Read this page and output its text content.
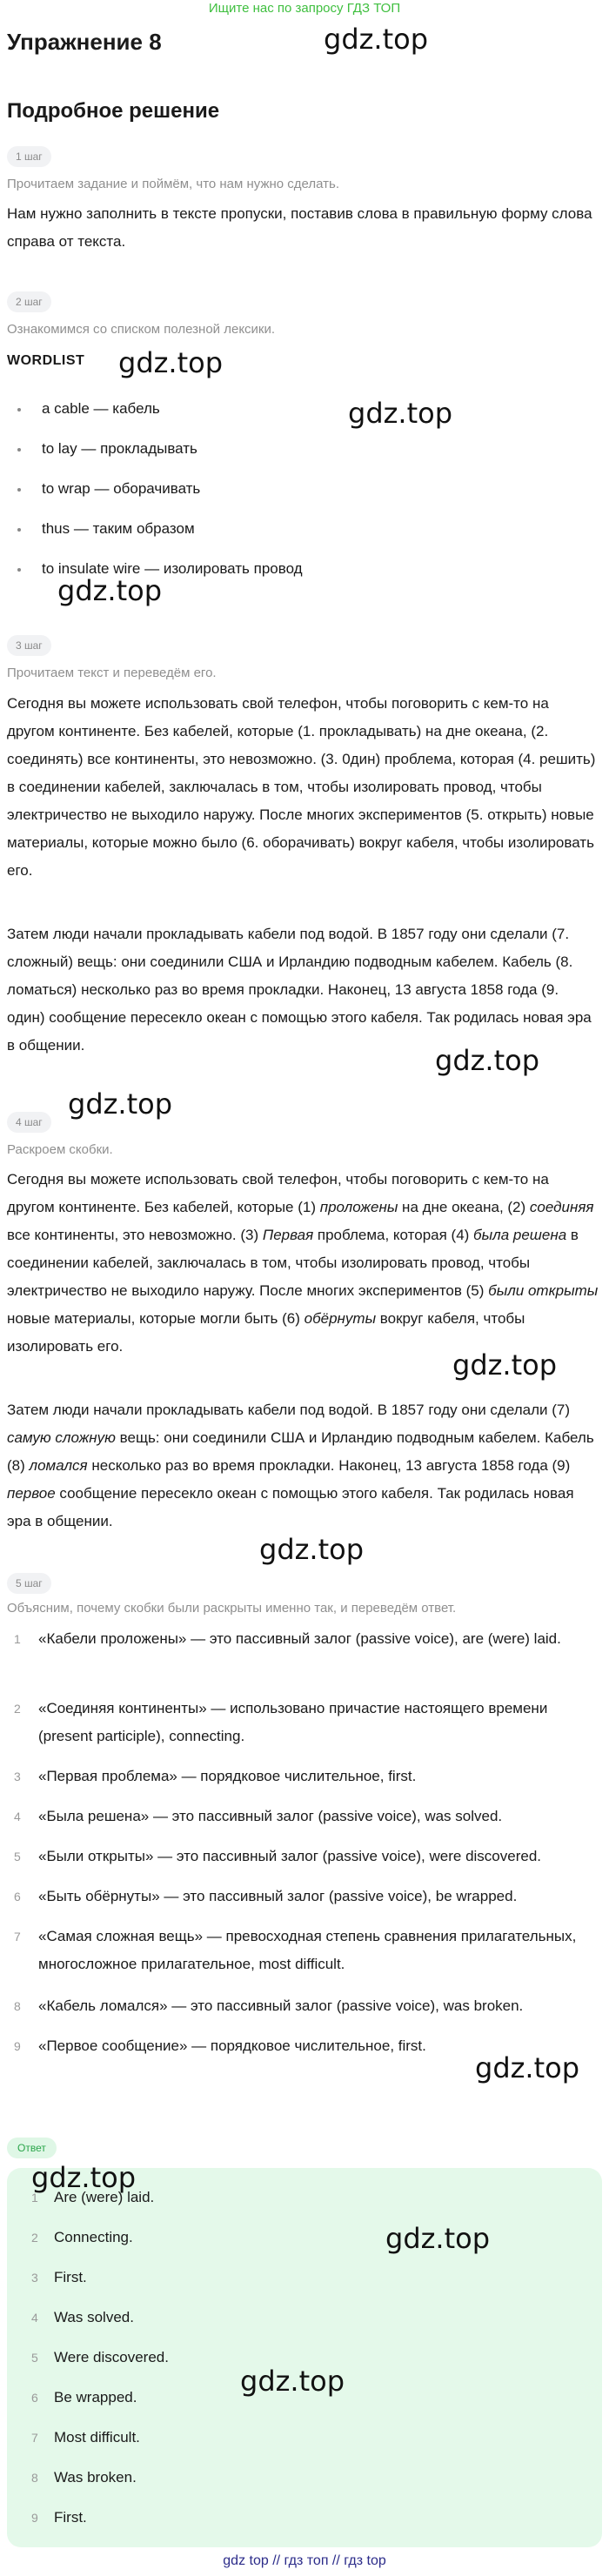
Ищите нас по запросу ГДЗ ТОП
Упражнение 8	gdz.top
Подробное решение
1 шаг
Прочитаем задание и поймём, что нам нужно сделать.

Нам нужно заполнить в тексте пропуски, поставив слова в правильную форму слова справа от текста.

2 шаг
Ознакомимся со списком полезной лексики.
WORDLIST gdz.top
a cable — кабель	gdz.top
to lay — прокладывать
to wrap — оборачивать
thus — таким образом
to insulate wire — изолировать провод
gdz.top
3 шаг
Прочитаем текст и переведём его.

Сегодня вы можете использовать свой телефон, чтобы поговорить с кем-то на другом континенте. Без кабелей, которые (1. прокладывать) на дне океана, (2. соединять) все континенты, это невозможно. (3. 0дин) проблема, которая (4. решить) в соединении кабелей, заключалась в том, чтобы изолировать провод, чтобы электричество не выходило наружу. После многих экспериментов (5. открыть) новые материалы, которые можно было (6. оборачивать) вокруг кабеля, чтобы изолировать его.

Затем люди начали прокладывать кабели под водой. В 1857 году они сделали (7. сложный) вещь: они соединили США и Ирландию подводным кабелем. Кабель (8. ломаться) несколько раз во время прокладки. Наконец, 13 августа 1858 года (9. один) сообщение пересекло океан с помощью этого кабеля. Так родилась новая эра в общении.	gdz.top
gdz.top
4 шаг
Раскроем скобки.

Сегодня вы можете использовать свой телефон, чтобы поговорить с кем-то на другом континенте. Без кабелей, которые (1) проложены на дне океана, (2) соединяя все континенты, это невозможно. (3) Первая проблема, которая (4) была решена в соединении кабелей, заключалась в том, чтобы изолировать провод, чтобы электричество не выходило наружу. После многих экспериментов (5) были открыты новые материалы, которые могли быть (6) обёрнуты вокруг кабеля, чтобы изолировать его.

gdz.top

Затем люди начали прокладывать кабели под водой. В 1857 году они сделали (7) самую сложную вещь: они соединили США и Ирландию подводным кабелем. Кабель (8) ломался несколько раз во время прокладки. Наконец, 13 августа 1858 года (9) первое сообщение пересекло океан с помощью этого кабеля. Так родилась новая эра в общении.

gdz.top
5 шаг
Объясним, почему скобки были раскрыты именно так, и переведём ответ.
1 «Кабели проложены» — это пассивный залог (passive voice), are (were) laid.
2 «Соединяя континенты» — использовано причастие настоящего времени (present participle), connecting.
3 «Первая проблема» — порядковое числительное, first.
4 «Была решена» — это пассивный залог (passive voice), was solved.
5 «Были открыты» — это пассивный залог (passive voice), were discovered.
6 «Быть обёрнуты» — это пассивный залог (passive voice), be wrapped.
7 «Самая сложная вещь» — превосходная степень сравнения прилагательных, многосложное прилагательное, most difficult.
8 «Кабель ломался» — это пассивный залог (passive voice), was broken.
9 «Первое сообщение» — порядковое числительное, first.
gdz.top
Ответ
gdz.top
1 Are (were) laid.
2 Connecting.	gdz.top
3 First.
4 Was solved.
5 Were discovered.
gdz.top
6 Be wrapped.
7 Most difficult.
8 Was broken.
9 First.
gdz top // гдз топ // гдз top
